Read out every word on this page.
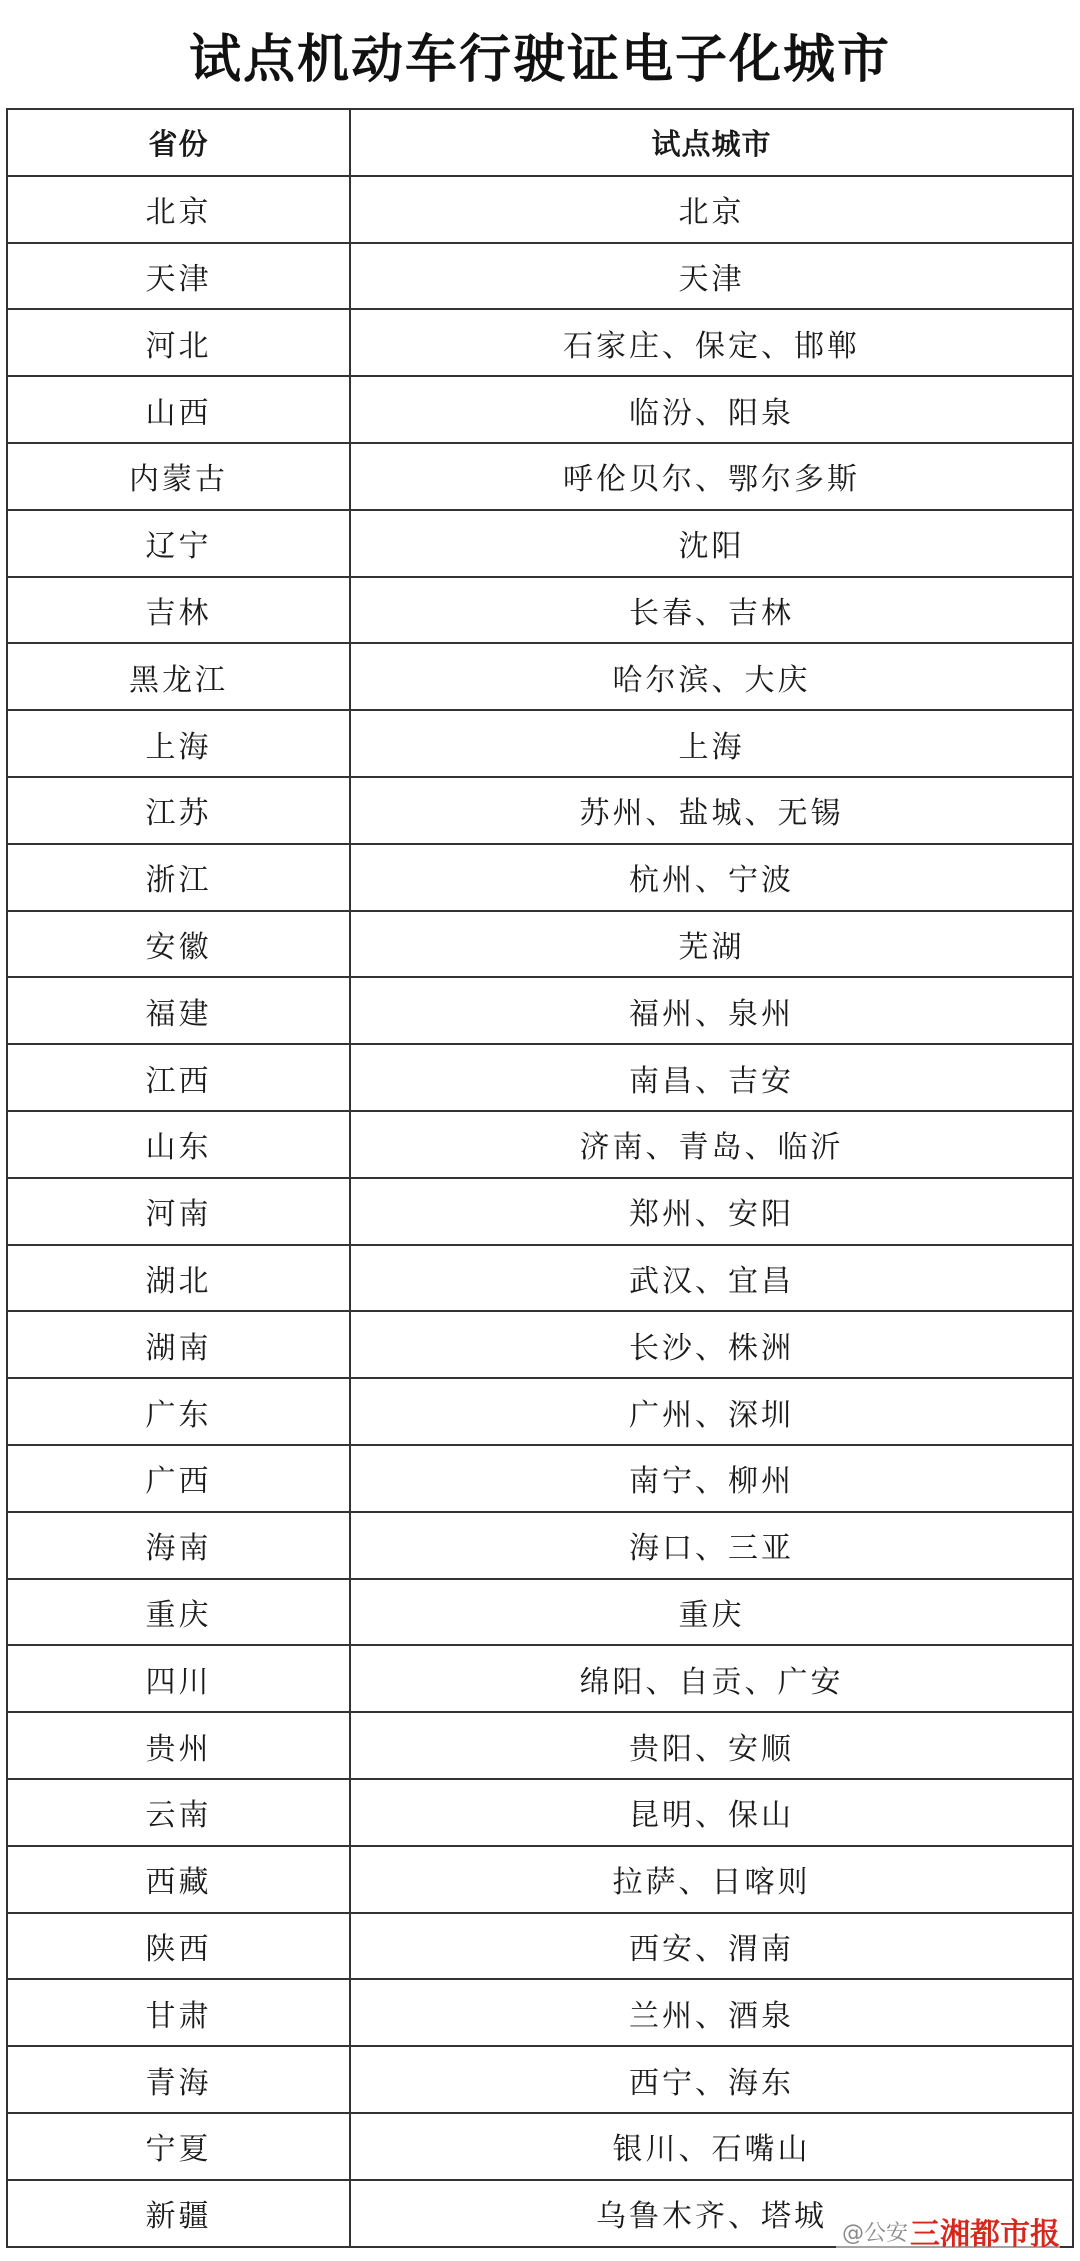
试点机动车行驶证电子化城市
省份	试点城市
北京	北京
天津	天津
河北	石家庄、保定、邯郸
山西	临汾、阳泉
内蒙古	呼伦贝尔、鄂尔多斯
辽宁	沈阳
吉林	长春、吉林
黑龙江	哈尔滨、大庆
上海	上海
江苏	苏州、盐城、无锡
浙江	杭州、宁波
安徽	芜湖
福建	福州、泉州
江西	南昌、吉安
山东	济南、青岛、临沂
河南	郑州、安阳
湖北	武汉、宜昌
湖南	长沙、株洲
广东	广州、深圳
广西	南宁、柳州
海南	海口、三亚
重庆	重庆
四川	绵阳、自贡、广安
贵州	贵阳、安顺
云南	昆明、保山
西藏	拉萨、日喀则
陕西	西安、渭南
甘肃	兰州、酒泉
青海	西宁、海东
宁夏	银川、石嘴山
新疆	乌鲁木齐、塔城 @公安 三湘都市报
